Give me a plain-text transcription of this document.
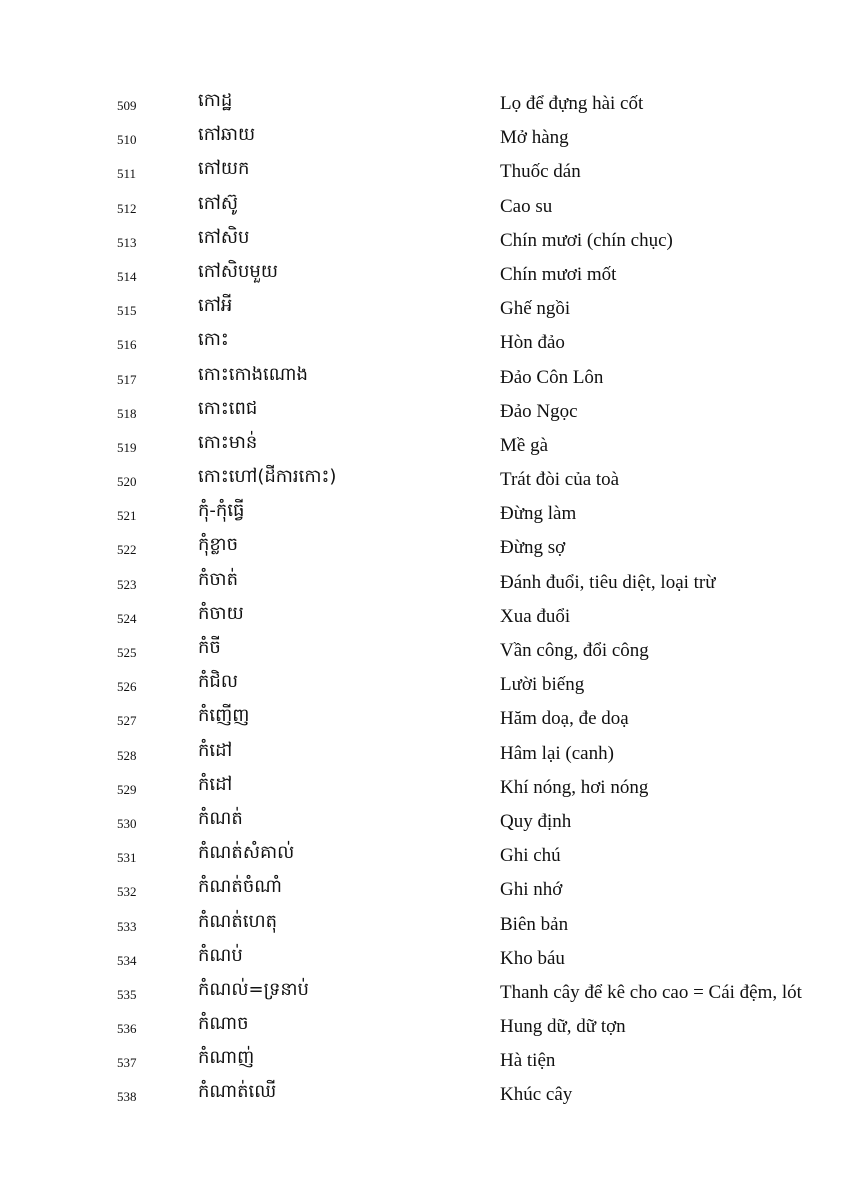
509	កោដ្ឋ	Lọ để đựng hài cốt
510	កៅឆាយ	Mở hàng
511	កៅយក	Thuốc dán
512	កៅស៊ូ	Cao su
513	កៅសិប	Chín mươi (chín chục)
514	កៅសិបមួយ	Chín mươi mốt
515	កៅអី	Ghế ngồi
516	កោះ	Hòn đảo
517	កោះកោងណោង	Đảo Côn Lôn
518	កោះពេជ	Đảo Ngọc
519	កោះមាន់	Mề gà
520	កោះហៅ(ដីការកោះ)	Trát đòi của toà
521	កុំ-កុំធ្វើ	Đừng làm
522	កុំខ្លាច	Đừng sợ
523	កំចាត់	Đánh đuổi, tiêu diệt, loại trừ
524	កំចាយ	Xua đuổi
525	កំចី	Vần công, đổi công
526	កំជិល	Lười biếng
527	កំញើញ	Hăm doạ, đe doạ
528	កំដៅ	Hâm lại (canh)
529	កំដៅ	Khí nóng, hơi nóng
530	កំណត់	Quy định
531	កំណត់សំគាល់	Ghi chú
532	កំណត់ចំណាំ	Ghi nhớ
533	កំណត់ហេតុ	Biên bản
534	កំណប់	Kho báu
535	កំណល់=ទ្រនាប់	Thanh cây để kê cho cao = Cái đệm, lót
536	កំណាច	Hung dữ, dữ tợn
537	កំណាញ់	Hà tiện
538	កំណាត់ឈើ	Khúc cây
